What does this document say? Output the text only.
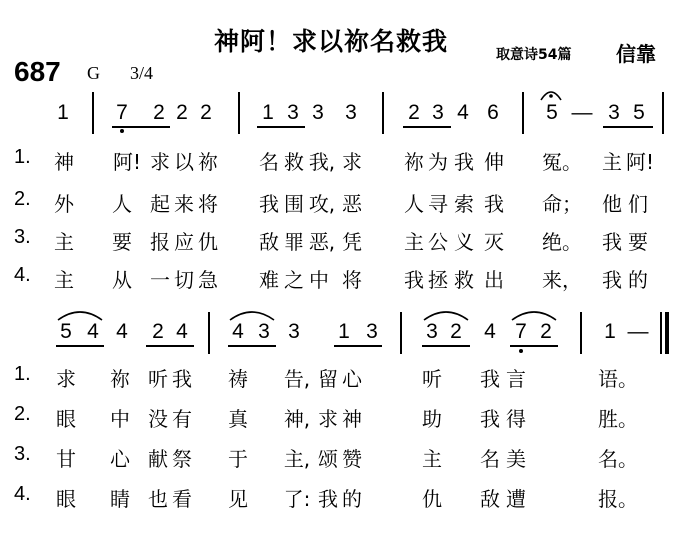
神阿！求以祢名救我	取意诗54篇 信靠
687 G 3/4
1 7 2 2 2 1 3 3 3 2 3 4 6 5 — 3 5
1. 神 阿! 求 以 祢 名 救 我, 求 祢 为 我 伸 冤。 主 阿!
2. 外 人 起 来 将 我 围 攻, 恶 人 寻 索 我 命； 他 们
3. 主 要 报 应 仇 敌 罪 恶, 凭 主 公 义 灭 绝。 我 要
4. 主 从 一 切 急 难 之 中 将 我 拯 救 出 来， 我 的
5 4 4 2 4 4 3 3 1 3 3 2 4 7 2 1 —
1. 求 祢 听 我 祷 告, 留 心	听 我 言	语。
2. 眼 中 没 有 真 神, 求 神	助 我 得	胜。
3. 甘 心 献 祭 于 主, 颂 赞	主 名 美	名。
4. 眼 睛 也 看 见 了: 我 的	仇 敌 遭	报。
